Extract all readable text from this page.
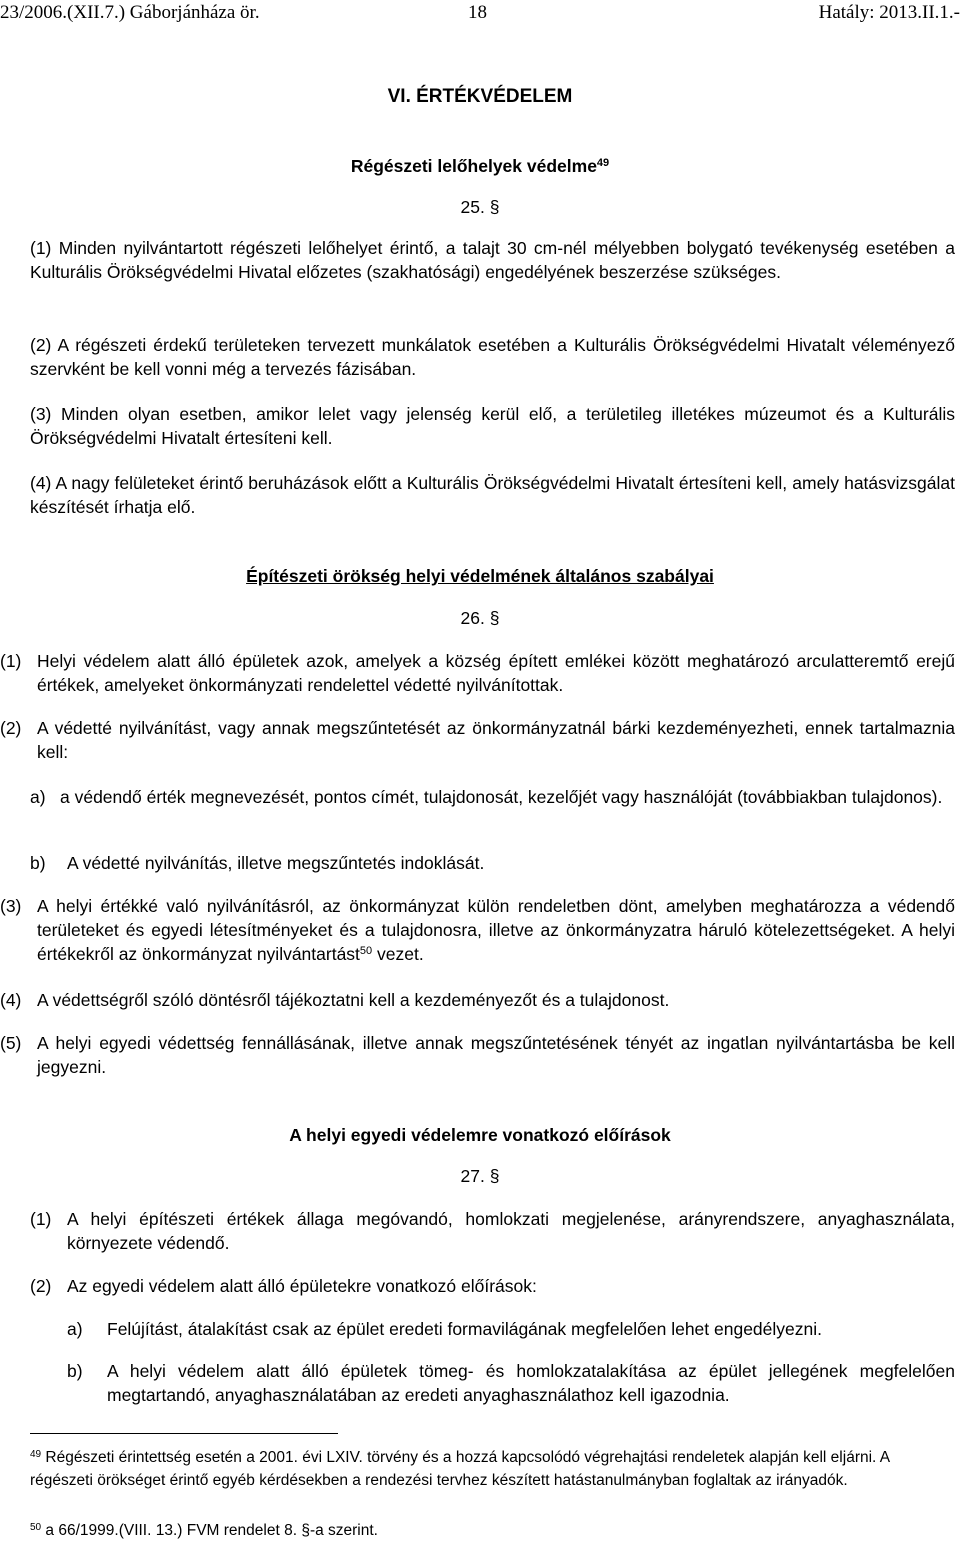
23/2006.(XII.7.) Gáborjánháza ör.	18	Hatály: 2013.II.1.-
VI. ÉRTÉKVÉDELEM
Régészeti lelőhelyek védelme$^{49}$
25. §
(1) Minden nyilvántartott régészeti lelőhelyet érintő, a talajt 30 cm-nél mélyebben bolygató tevékenység esetében a Kulturális Örökségvédelmi Hivatal előzetes (szakhatósági) engedélyének beszerzése szükséges.
(2) A régészeti érdekű területeken tervezett munkálatok esetében a Kulturális Örökségvédelmi Hivatalt véleményező szervként be kell vonni még a tervezés fázisában.
(3) Minden olyan esetben, amikor lelet vagy jelenség kerül elő, a területileg illetékes múzeumot és a Kulturális Örökségvédelmi Hivatalt értesíteni kell.
(4) A nagy felületeket érintő beruházások előtt a Kulturális Örökségvédelmi Hivatalt értesíteni kell, amely hatásvizsgálat készítését írhatja elő.
Építészeti örökség helyi védelmének általános szabályai
26. §
(1) Helyi védelem alatt álló épületek azok, amelyek a község épített emlékei között meghatározó arculatteremtő erejű értékek, amelyeket önkormányzati rendelettel védetté nyilvánítottak.
(2) A védetté nyilvánítást, vagy annak megszűntetését az önkormányzatnál bárki kezdeményezheti, ennek tartalmaznia kell:
a) a védendő érték megnevezését, pontos címét, tulajdonosát, kezelőjét vagy használóját (továbbiakban tulajdonos).
b) A védetté nyilvánítás, illetve megszűntetés indoklását.
(3) A helyi értékké való nyilvánításról, az önkormányzat külön rendeletben dönt, amelyben meghatározza a védendő területeket és egyedi létesítményeket és a tulajdonosra, illetve az önkormányzatra háruló kötelezettségeket. A helyi értékekről az önkormányzat nyilvántartást$^{50}$ vezet.
(4) A védettségről szóló döntésről tájékoztatni kell a kezdeményezőt és a tulajdonost.
(5) A helyi egyedi védettség fennállásának, illetve annak megszűntetésének tényét az ingatlan nyilvántartásba be kell jegyezni.
A helyi egyedi védelemre vonatkozó előírások
27. §
(1) A helyi építészeti értékek állaga megóvandó, homlokzati megjelenése, arányrendszere, anyaghasználata, környezete védendő.
(2) Az egyedi védelem alatt álló épületekre vonatkozó előírások:
a) Felújítást, átalakítást csak az épület eredeti formavilágának megfelelően lehet engedélyezni.
b) A helyi védelem alatt álló épületek tömeg- és homlokzatalakítása az épület jellegének megfelelően megtartandó, anyaghasználatában az eredeti anyaghasználathoz kell igazodnia.
$^{49}$ Régészeti érintettség esetén a 2001. évi LXIV. törvény és a hozzá kapcsolódó végrehajtási rendeletek alapján kell eljárni. A régészeti örökséget érintő egyéb kérdésekben a rendezési tervhez készített hatástanulmányban foglaltak az irányadók.
$^{50}$ a 66/1999.(VIII. 13.) FVM rendelet 8. §-a szerint.
